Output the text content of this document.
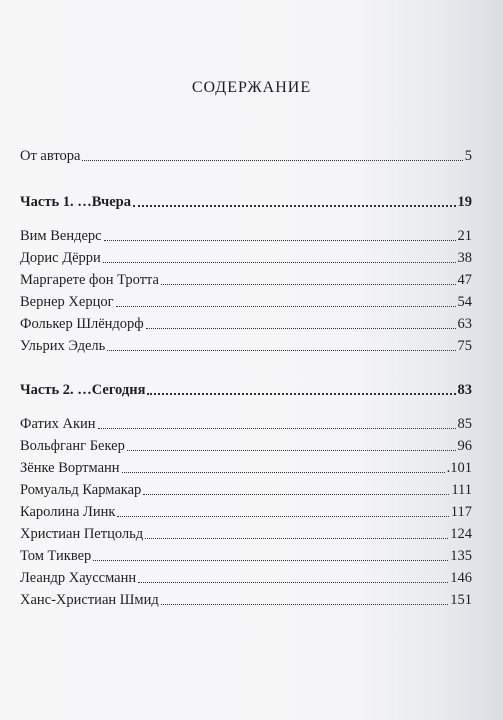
СОДЕРЖАНИЕ
От автора	5
Часть 1. …Вчера	19
Вим Вендерс	21
Дорис Дёрри	38
Маргарете фон Тротта	47
Вернер Херцог	54
Фолькер Шлёндорф	63
Ульрих Эдель	75
Часть 2. …Сегодня	83
Фатих Акин	85
Вольфганг Бекер	96
Зёнке Вортманн	.101
Ромуальд Кармакар	111
Каролина Линк	117
Христиан Петцольд	124
Том Тиквер	135
Леандр Хауссманн	146
Ханс-Христиан Шмид	151
